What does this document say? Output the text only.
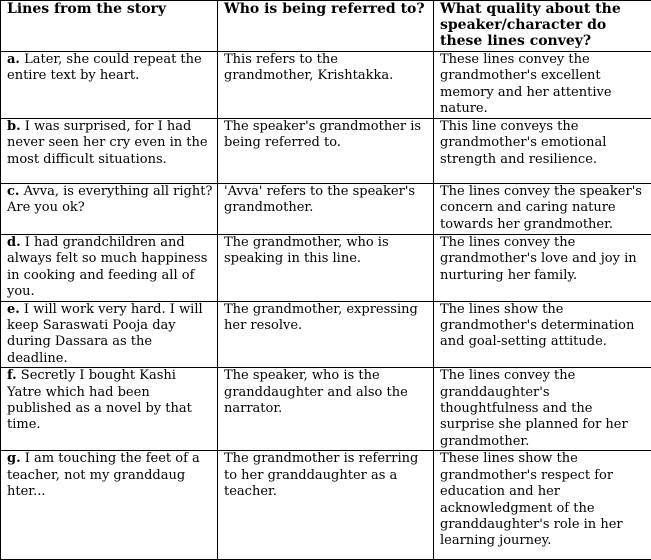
Lines from the story	Who is being referred to?	What quality about the speaker/character do these lines convey?
a. Later, she could repeat the entire text by heart.	This refers to the grandmother, Krishtakka.	These lines convey the grandmother's excellent memory and her attentive nature.
b. I was surprised, for I had never seen her cry even in the most difficult situations.	The speaker's grandmother is being referred to.	This line conveys the grandmother's emotional strength and resilience.
c. Avva, is everything all right? Are you ok?	'Avva' refers to the speaker's grandmother.	The lines convey the speaker's concern and caring nature towards her grandmother.
d. I had grandchildren and always felt so much happiness in cooking and feeding all of you.	The grandmother, who is speaking in this line.	The lines convey the grandmother's love and joy in nurturing her family.
e. I will work very hard. I will keep Saraswati Pooja day during Dassara as the deadline.	The grandmother, expressing her resolve.	The lines show the grandmother's determination and goal-setting attitude.
f. Secretly I bought Kashi Yatre which had been published as a novel by that time.	The speaker, who is the granddaughter and also the narrator.	The lines convey the granddaughter's thoughtfulness and the surprise she planned for her grandmother.
g. I am touching the feet of a teacher, not my granddaug hter...	The grandmother is referring to her granddaughter as a teacher.	These lines show the grandmother's respect for education and her acknowledgment of the granddaughter's role in her learning journey.
